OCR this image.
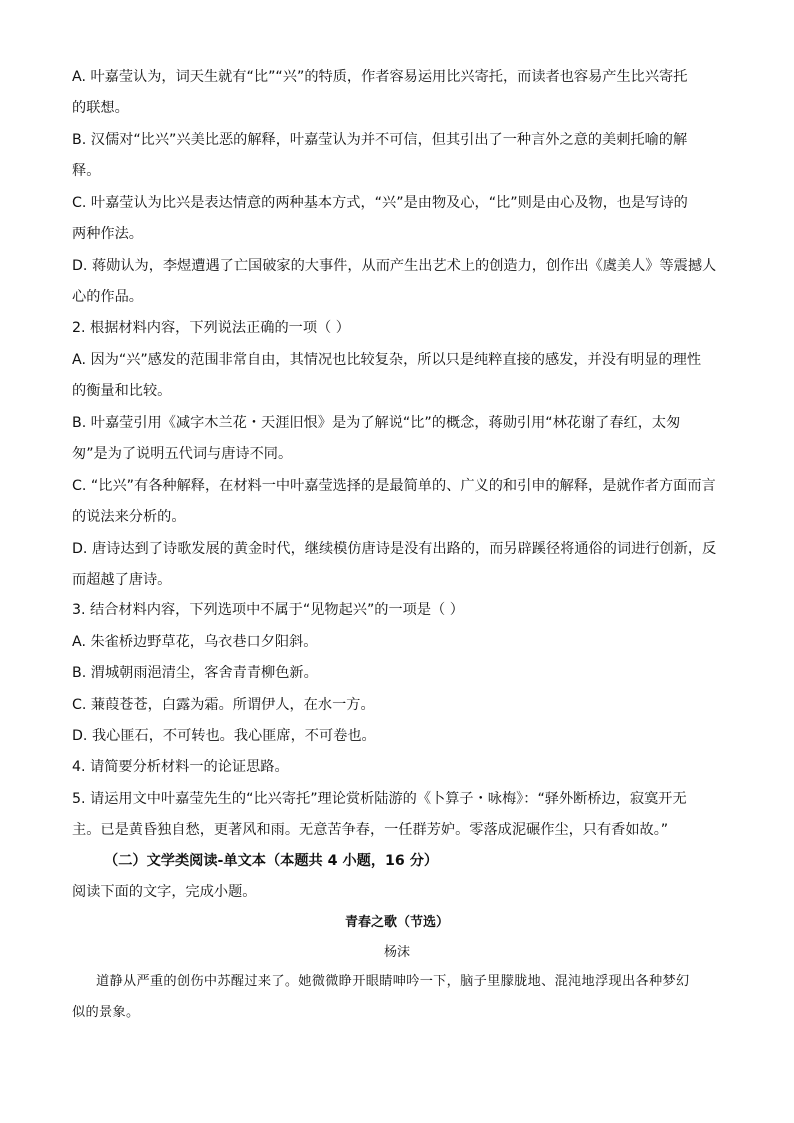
A. 叶嘉莹认为，词天生就有“比”“兴”的特质，作者容易运用比兴寄托，而读者也容易产生比兴寄托
的联想。
B. 汉儒对“比兴”兴美比恶的解释，叶嘉莹认为并不可信，但其引出了一种言外之意的美刺托喻的解
释。
C. 叶嘉莹认为比兴是表达情意的两种基本方式，“兴”是由物及心，“比”则是由心及物，也是写诗的
两种作法。
D. 蒋勋认为，李煜遭遇了亡国破家的大事件，从而产生出艺术上的创造力，创作出《虞美人》等震撼人
心的作品。
2. 根据材料内容，下列说法正确的一项（ ）
A. 因为“兴”感发的范围非常自由，其情况也比较复杂，所以只是纯粹直接的感发，并没有明显的理性
的衡量和比较。
B. 叶嘉莹引用《减字木兰花・天涯旧恨》是为了解说“比”的概念，蒋勋引用“林花谢了春红，太匆
匆”是为了说明五代词与唐诗不同。
C. “比兴”有各种解释，在材料一中叶嘉莹选择的是最简单的、广义的和引申的解释，是就作者方面而言
的说法来分析的。
D. 唐诗达到了诗歌发展的黄金时代，继续模仿唐诗是没有出路的，而另辟蹊径将通俗的词进行创新，反
而超越了唐诗。
3. 结合材料内容，下列选项中不属于“见物起兴”的一项是（ ）
A. 朱雀桥边野草花，乌衣巷口夕阳斜。
B. 渭城朝雨浥清尘，客舍青青柳色新。
C. 蒹葭苍苍，白露为霜。所谓伊人，在水一方。
D. 我心匪石，不可转也。我心匪席，不可卷也。
4. 请简要分析材料一的论证思路。
5. 请运用文中叶嘉莹先生的“比兴寄托”理论赏析陆游的《卜算子・咏梅》：“驿外断桥边，寂寞开无
主。已是黄昏独自愁，更著风和雨。无意苦争春，一任群芳妒。零落成泥碾作尘，只有香如故。”
（二）文学类阅读-单文本（本题共 4 小题，16 分）
阅读下面的文字，完成小题。
青春之歌（节选）
杨沫
道静从严重的创伤中苏醒过来了。她微微睁开眼睛呻吟一下，脑子里朦胧地、混沌地浮现出各种梦幻
似的景象。
